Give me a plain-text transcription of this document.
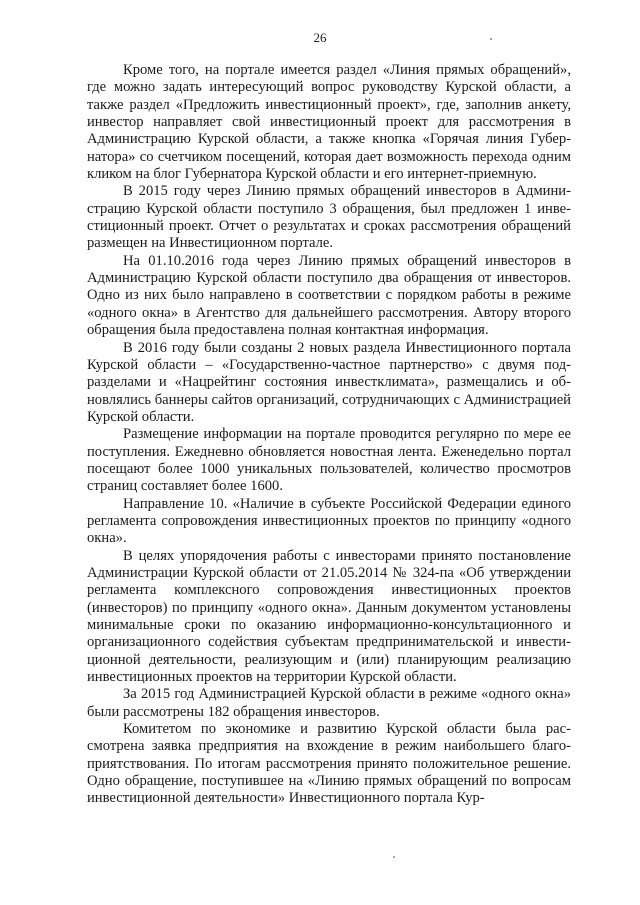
26

Кроме того, на портале имеется раздел «Линия прямых обращений», где можно задать интересующий вопрос руководству Курской области, а также раздел «Предложить инвестиционный проект», где, заполнив анкету, инвестор направляет свой инвестиционный проект для рассмотрения в Администрацию Курской области, а также кнопка «Горячая линия Губернатора» со счетчиком посещений, которая дает возможность перехода одним кликом на блог Губернатора Курской области и его интернет-приемную.

В 2015 году через Линию прямых обращений инвесторов в Администрацию Курской области поступило 3 обращения, был предложен 1 инвестиционный проект. Отчет о результатах и сроках рассмотрения обращений размещен на Инвестиционном портале.

На 01.10.2016 года через Линию прямых обращений инвесторов в Администрацию Курской области поступило два обращения от инвесторов. Одно из них было направлено в соответствии с порядком работы в режиме «одного окна» в Агентство для дальнейшего рассмотрения. Автору второго обращения была предоставлена полная контактная информация.

В 2016 году были созданы 2 новых раздела Инвестиционного портала Курской области – «Государственно-частное партнерство» с двумя подразделами и «Нацрейтинг состояния инвестклимата», размещались и обновлялись баннеры сайтов организаций, сотрудничающих с Администрацией Курской области.

Размещение информации на портале проводится регулярно по мере ее поступления. Ежедневно обновляется новостная лента. Еженедельно портал посещают более 1000 уникальных пользователей, количество просмотров страниц составляет более 1600.

Направление 10. «Наличие в субъекте Российской Федерации единого регламента сопровождения инвестиционных проектов по принципу «одного окна».

В целях упорядочения работы с инвесторами принято постановление Администрации Курской области от 21.05.2014 № 324-па «Об утверждении регламента комплексного сопровождения инвестиционных проектов (инвесторов) по принципу «одного окна». Данным документом установлены минимальные сроки по оказанию информационно-консультационного и организационного содействия субъектам предпринимательской и инвестиционной деятельности, реализующим и (или) планирующим реализацию инвестиционных проектов на территории Курской области.

За 2015 год Администрацией Курской области в режиме «одного окна» были рассмотрены 182 обращения инвесторов.

Комитетом по экономике и развитию Курской области была рассмотрена заявка предприятия на вхождение в режим наибольшего благоприятствования. По итогам рассмотрения принято положительное решение. Одно обращение, поступившее на «Линию прямых обращений по вопросам инвестиционной деятельности» Инвестиционного портала Кур-
